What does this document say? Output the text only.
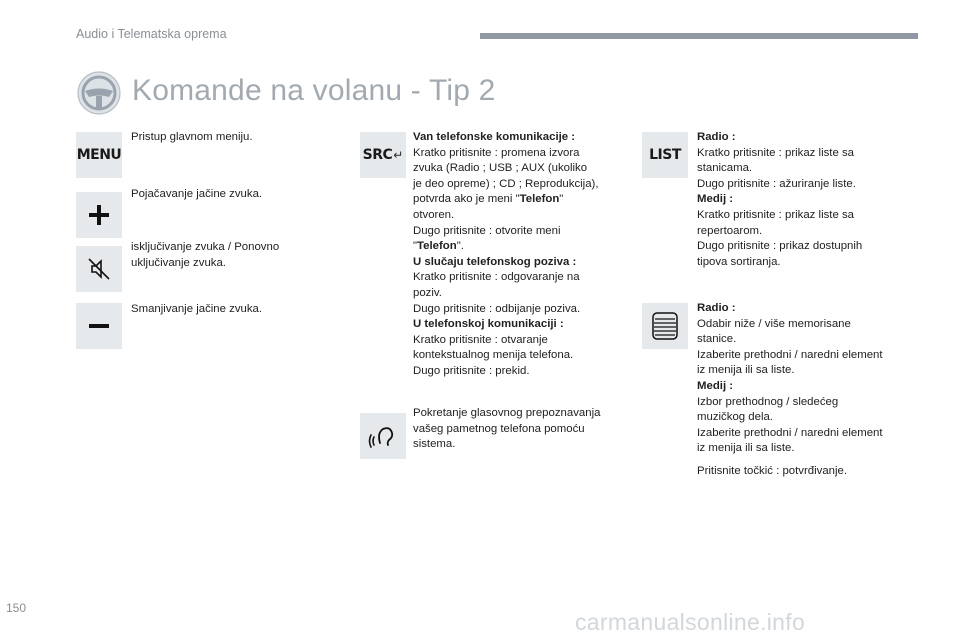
Audio i Telematska oprema
Komande na volanu - Tip 2
MENU

Pristup glavnom meniju.

Pojačavanje jačine zvuka.

isključivanje zvuka / Ponovno

uključivanje zvuka.

Smanjivanje jačine zvuka.

SRC ↵

Van telefonske komunikacije :

Kratko pritisnite : promena izvora

zvuka (Radio ; USB ; AUX (ukoliko

je deo opreme) ; CD ; Reprodukcija),

potvrda ako je meni "Telefon"

otvoren.

Dugo pritisnite : otvorite meni

"Telefon".

U slučaju telefonskog poziva :

Kratko pritisnite : odgovaranje na

poziv.

Dugo pritisnite : odbijanje poziva.

U telefonskoj komunikaciji :

Kratko pritisnite : otvaranje

kontekstualnog menija telefona.

Dugo pritisnite : prekid.

Pokretanje glasovnog prepoznavanja

vašeg pametnog telefona pomoću

sistema.

LIST

Radio :

Kratko pritisnite : prikaz liste sa

stanicama.

Dugo pritisnite : ažuriranje liste.

Medij :

Kratko pritisnite : prikaz liste sa

repertoarom.

Dugo pritisnite : prikaz dostupnih

tipova sortiranja.

Radio :

Odabir niže / više memorisane

stanice.

Izaberite prethodni / naredni element

iz menija ili sa liste.

Medij :

Izbor prethodnog / sledećeg

muzičkog dela.

Izaberite prethodni / naredni element

iz menija ili sa liste.

Pritisnite točkić : potvrđivanje.

150
carmanualsonline.info
